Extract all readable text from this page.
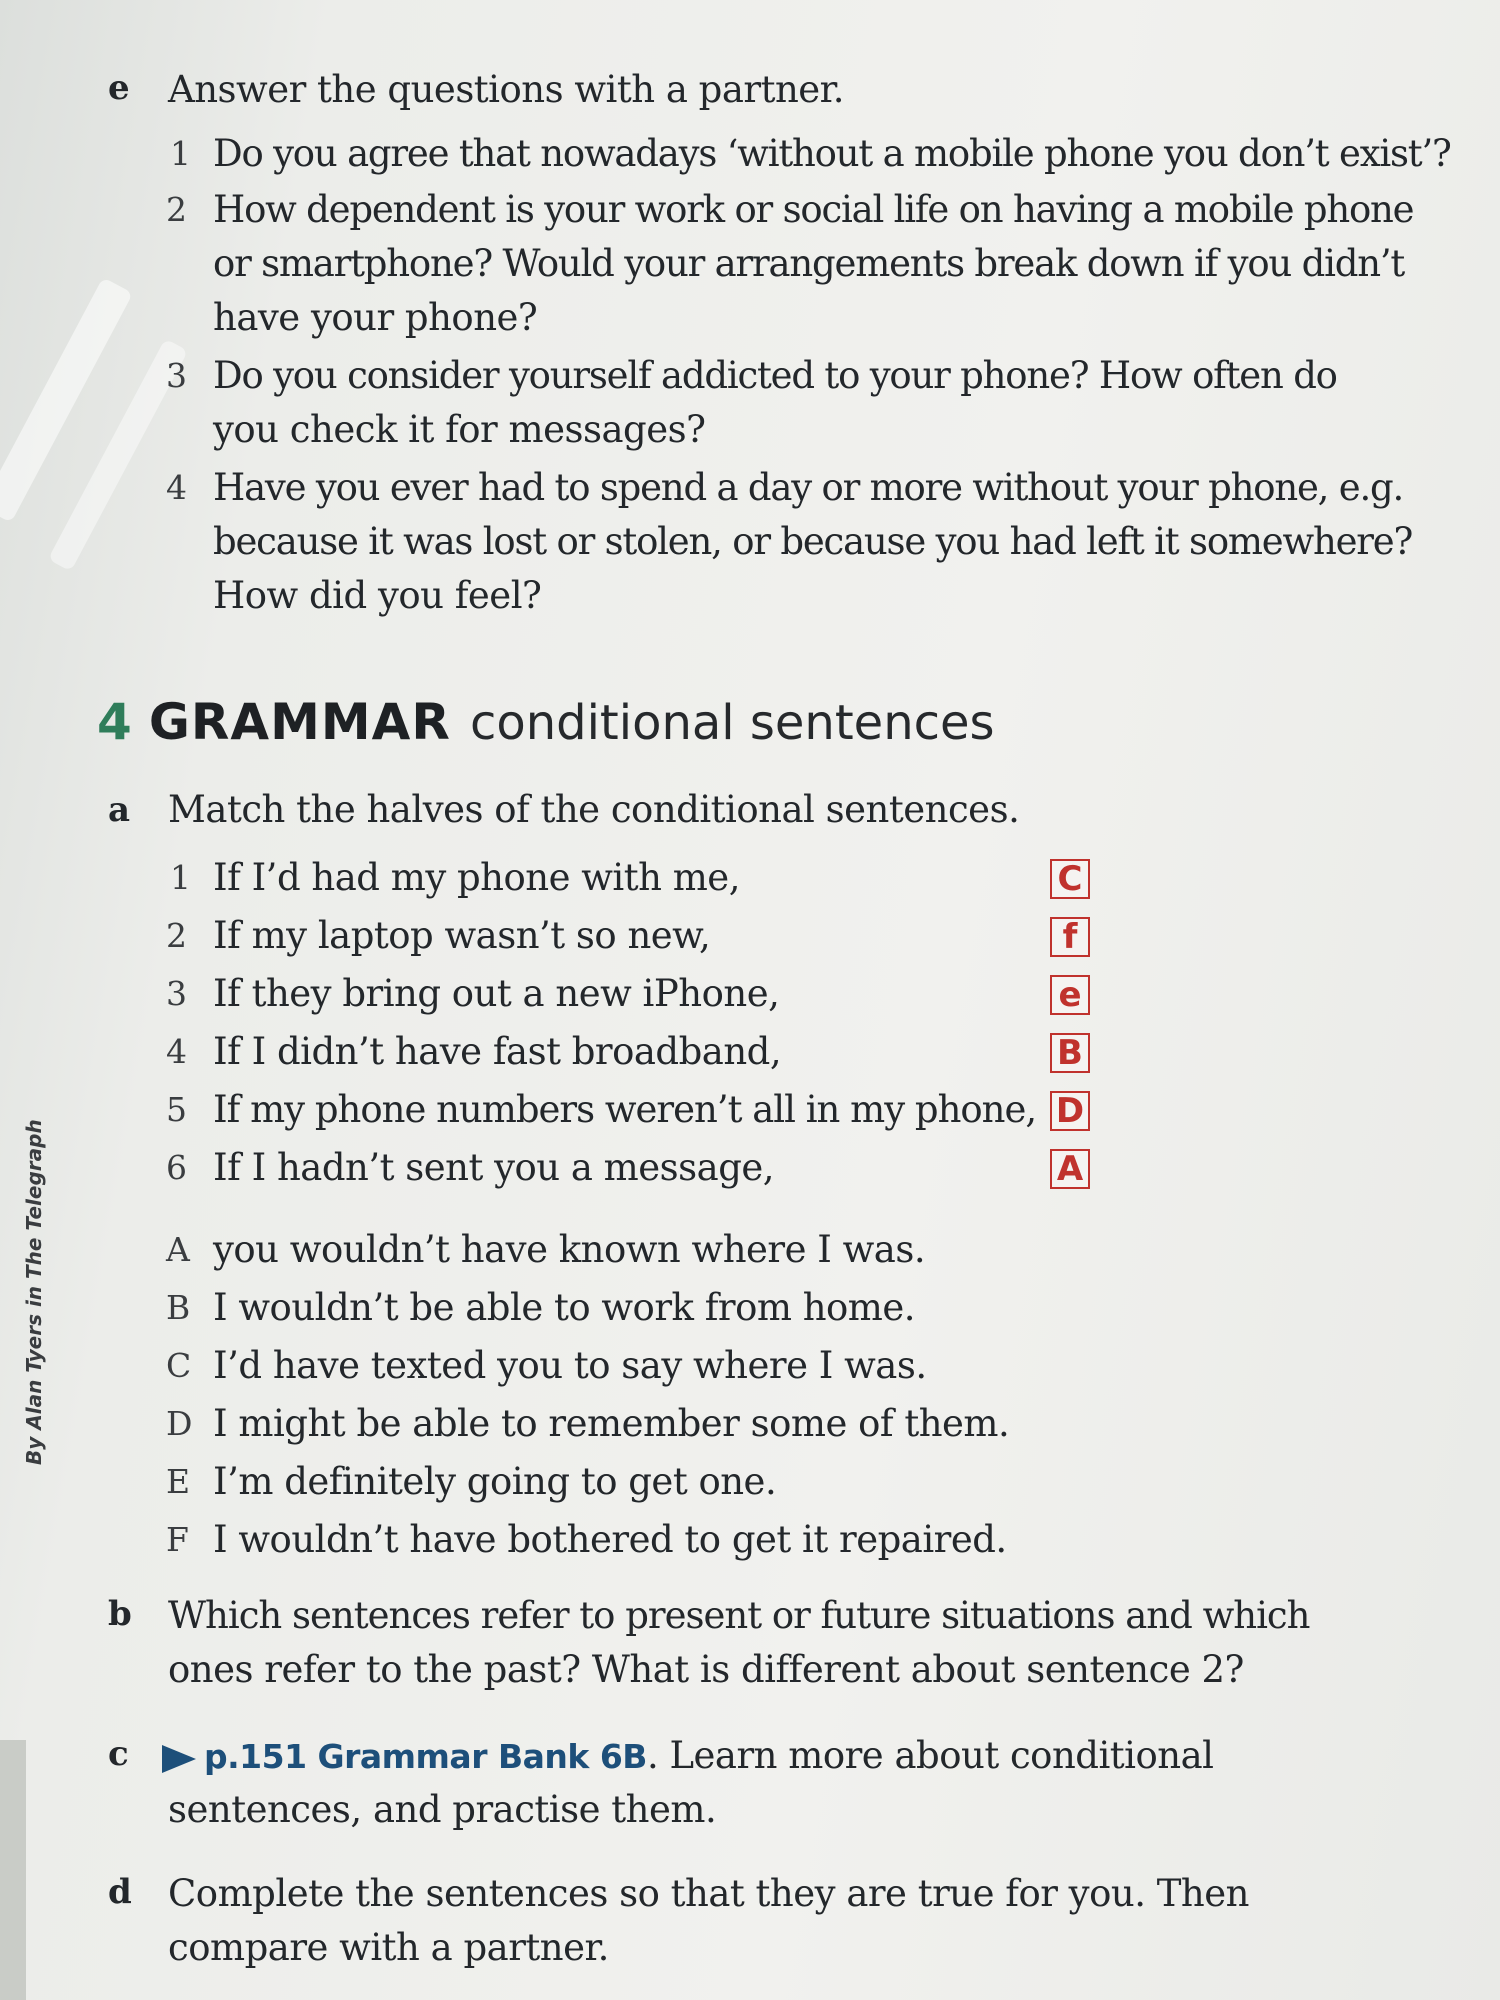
e Answer the questions with a partner.
1 Do you agree that nowadays ‘without a mobile phone you don’t exist’?
2 How dependent is your work or social life on having a mobile phone
or smartphone? Would your arrangements break down if you didn’t
have your phone?
3 Do you consider yourself addicted to your phone? How often do
you check it for messages?
4 Have you ever had to spend a day or more without your phone, e.g.
because it was lost or stolen, or because you had left it somewhere?
How did you feel?
4 GRAMMAR conditional sentences
a Match the halves of the conditional sentences.
1 If I’d had my phone with me,	C
2 If my laptop wasn’t so new,	f
3 If they bring out a new iPhone,	e
4 If I didn’t have fast broadband,	B
5 If my phone numbers weren’t all in my phone, D
6 If I hadn’t sent you a message,	A
A you wouldn’t have known where I was.
B I wouldn’t be able to work from home.
C I’d have texted you to say where I was.
D I might be able to remember some of them.
E I’m definitely going to get one.
F I wouldn’t have bothered to get it repaired.
b Which sentences refer to present or future situations and which
ones refer to the past? What is different about sentence 2?
c	p.151 Grammar Bank 6B. Learn more about conditional
sentences, and practise them.
d Complete the sentences so that they are true for you. Then
compare with a partner.
By Alan Tyers in The Telegraph
